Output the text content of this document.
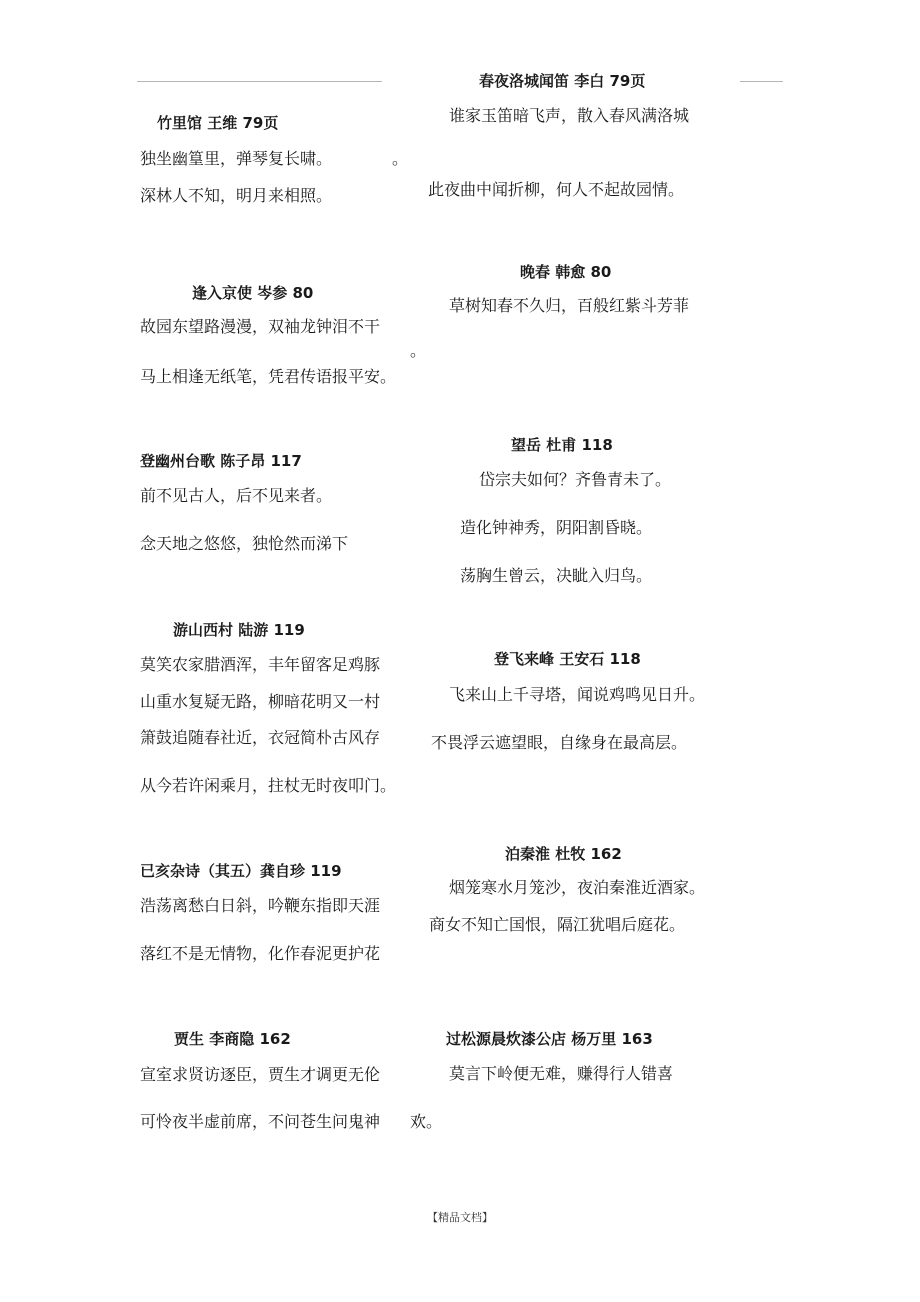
竹里馆 王维 79页
独坐幽篁里，弹琴复长啸。	。
深林人不知，明月来相照。
逢入京使 岑参 80
故园东望路漫漫，双袖龙钟泪不干
。
马上相逢无纸笔，凭君传语报平安。
登幽州台歌 陈子昂 117
前不见古人，后不见来者。
念天地之悠悠，独怆然而涕下
游山西村 陆游 119
莫笑农家腊酒浑，丰年留客足鸡豚
山重水复疑无路，柳暗花明又一村
箫鼓追随春社近，衣冠简朴古风存
从今若许闲乘月，拄杖无时夜叩门。
已亥杂诗（其五）龚自珍 119
浩荡离愁白日斜，吟鞭东指即天涯
落红不是无情物，化作春泥更护花
贾生 李商隐 162
宣室求贤访逐臣，贾生才调更无伦
可怜夜半虚前席，不问苍生问鬼神	欢。
春夜洛城闻笛 李白 79页
谁家玉笛暗飞声，散入春风满洛城
此夜曲中闻折柳，何人不起故园情。
晚春 韩愈 80
草树知春不久归，百般红紫斗芳菲
望岳 杜甫 118
岱宗夫如何？齐鲁青未了。
造化钟神秀，阴阳割昏晓。
荡胸生曾云，决眦入归鸟。
登飞来峰 王安石 118
飞来山上千寻塔，闻说鸡鸣见日升。
不畏浮云遮望眼，自缘身在最高层。
泊秦淮 杜牧 162
烟笼寒水月笼沙，夜泊秦淮近酒家。
商女不知亡国恨，隔江犹唱后庭花。
过松源晨炊漆公店 杨万里 163
莫言下岭便无难，赚得行人错喜
【精品文档】
